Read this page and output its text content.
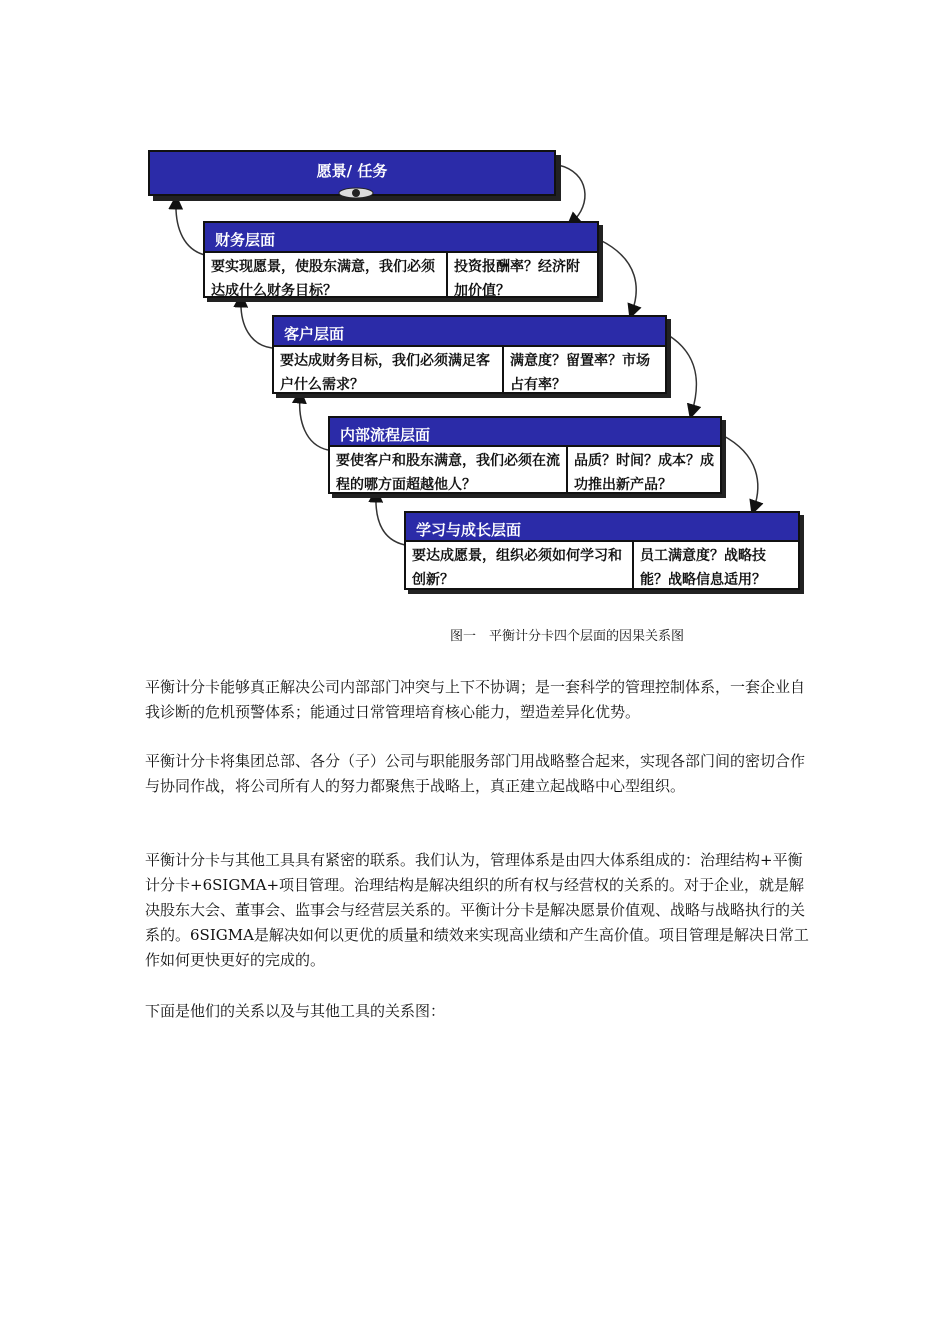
愿景/ 任务
财务层面
要实现愿景，使股东满意，我们必须达成什么财务目标？
投资报酬率？经济附加价值？
客户层面
要达成财务目标，我们必须满足客户什么需求？
满意度？留置率？市场占有率？
内部流程层面
要使客户和股东满意，我们必须在流程的哪方面超越他人？
品质？时间？成本？成功推出新产品？
学习与成长层面
要达成愿景，组织必须如何学习和创新？
员工满意度？战略技能？战略信息适用？
图一　平衡计分卡四个层面的因果关系图

平衡计分卡能够真正解决公司内部部门冲突与上下不协调；是一套科学的管理控制体系，一套企业自我诊断的危机预警体系；能通过日常管理培育核心能力，塑造差异化优势。

平衡计分卡将集团总部、各分（子）公司与职能服务部门用战略整合起来，实现各部门间的密切合作与协同作战，将公司所有人的努力都聚焦于战略上，真正建立起战略中心型组织。

平衡计分卡与其他工具具有紧密的联系。我们认为，管理体系是由四大体系组成的：治理结构+平衡计分卡+6SIGMA+项目管理。治理结构是解决组织的所有权与经营权的关系的。对于企业，就是解决股东大会、董事会、监事会与经营层关系的。平衡计分卡是解决愿景价值观、战略与战略执行的关系的。6SIGMA是解决如何以更优的质量和绩效来实现高业绩和产生高价值。项目管理是解决日常工作如何更快更好的完成的。

下面是他们的关系以及与其他工具的关系图：
